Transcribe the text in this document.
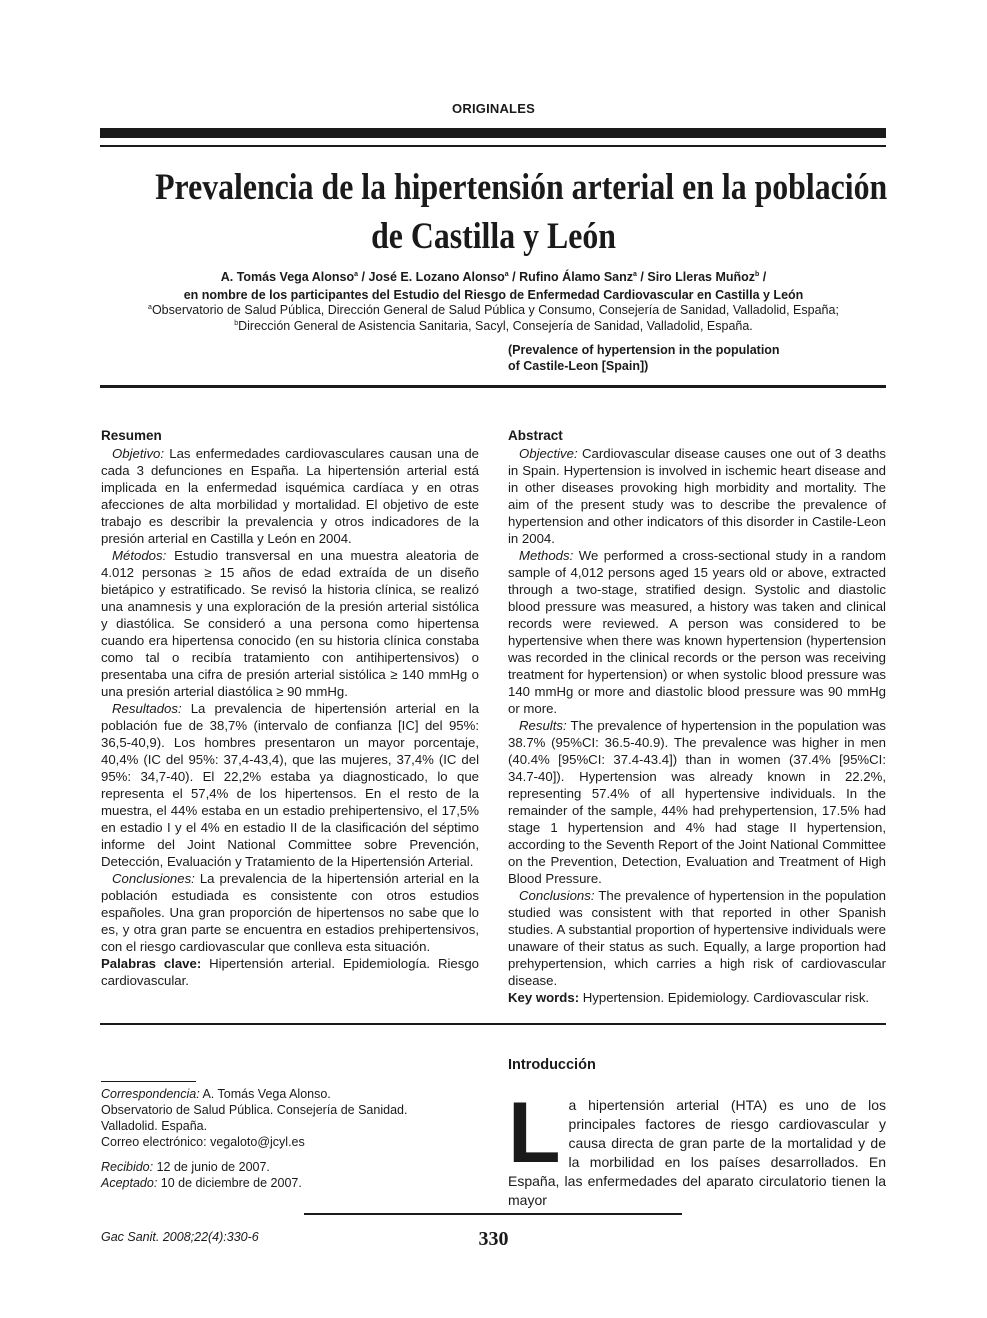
ORIGINALES
Prevalencia de la hipertensión arterial en la población
de Castilla y León
A. Tomás Vega Alonso$^a$ / José E. Lozano Alonso$^a$ / Rufino Álamo Sanz$^a$ / Siro Lleras Muñoz$^b$ /
en nombre de los participantes del Estudio del Riesgo de Enfermedad Cardiovascular en Castilla y León
$^a$Observatorio de Salud Pública, Dirección General de Salud Pública y Consumo, Consejería de Sanidad, Valladolid, España;
$^b$Dirección General de Asistencia Sanitaria, Sacyl, Consejería de Sanidad, Valladolid, España.
(Prevalence of hypertension in the population
of Castile-Leon [Spain])
Resumen

Objetivo: Las enfermedades cardiovasculares causan una de cada 3 defunciones en España. La hipertensión arterial está implicada en la enfermedad isquémica cardíaca y en otras afecciones de alta morbilidad y mortalidad. El objetivo de este trabajo es describir la prevalencia y otros indicadores de la presión arterial en Castilla y León en 2004.

Métodos: Estudio transversal en una muestra aleatoria de 4.012 personas ≥ 15 años de edad extraída de un diseño bietápico y estratificado. Se revisó la historia clínica, se realizó una anamnesis y una exploración de la presión arterial sistólica y diastólica. Se consideró a una persona como hipertensa cuando era hipertensa conocido (en su historia clínica constaba como tal o recibía tratamiento con antihipertensivos) o presentaba una cifra de presión arterial sistólica ≥ 140 mmHg o una presión arterial diastólica ≥ 90 mmHg.

Resultados: La prevalencia de hipertensión arterial en la población fue de 38,7% (intervalo de confianza [IC] del 95%: 36,5-40,9). Los hombres presentaron un mayor porcentaje, 40,4% (IC del 95%: 37,4-43,4), que las mujeres, 37,4% (IC del 95%: 34,7-40). El 22,2% estaba ya diagnosticado, lo que representa el 57,4% de los hipertensos. En el resto de la muestra, el 44% estaba en un estadio prehipertensivo, el 17,5% en estadio I y el 4% en estadio II de la clasificación del séptimo informe del Joint National Committee sobre Prevención, Detección, Evaluación y Tratamiento de la Hipertensión Arterial.

Conclusiones: La prevalencia de la hipertensión arterial en la población estudiada es consistente con otros estudios españoles. Una gran proporción de hipertensos no sabe que lo es, y otra gran parte se encuentra en estadios prehipertensivos, con el riesgo cardiovascular que conlleva esta situación.

Palabras clave: Hipertensión arterial. Epidemiología. Riesgo cardiovascular.

Abstract

Objective: Cardiovascular disease causes one out of 3 deaths in Spain. Hypertension is involved in ischemic heart disease and in other diseases provoking high morbidity and mortality. The aim of the present study was to describe the prevalence of hypertension and other indicators of this disorder in Castile-Leon in 2004.

Methods: We performed a cross-sectional study in a random sample of 4,012 persons aged 15 years old or above, extracted through a two-stage, stratified design. Systolic and diastolic blood pressure was measured, a history was taken and clinical records were reviewed. A person was considered to be hypertensive when there was known hypertension (hypertension was recorded in the clinical records or the person was receiving treatment for hypertension) or when systolic blood pressure was 140 mmHg or more and diastolic blood pressure was 90 mmHg or more.

Results: The prevalence of hypertension in the population was 38.7% (95%CI: 36.5-40.9). The prevalence was higher in men (40.4% [95%CI: 37.4-43.4]) than in women (37.4% [95%CI: 34.7-40]). Hypertension was already known in 22.2%, representing 57.4% of all hypertensive individuals. In the remainder of the sample, 44% had prehypertension, 17.5% had stage 1 hypertension and 4% had stage II hypertension, according to the Seventh Report of the Joint National Committee on the Prevention, Detection, Evaluation and Treatment of High Blood Pressure.

Conclusions: The prevalence of hypertension in the population studied was consistent with that reported in other Spanish studies. A substantial proportion of hypertensive individuals were unaware of their status as such. Equally, a large proportion had prehypertension, which carries a high risk of cardiovascular disease.

Key words: Hypertension. Epidemiology. Cardiovascular risk.

Correspondencia: A. Tomás Vega Alonso.
Observatorio de Salud Pública. Consejería de Sanidad.
Valladolid. España.
Correo electrónico: vegaloto@jcyl.es
Recibido: 12 de junio de 2007.
Aceptado: 10 de diciembre de 2007.
Introducción
La hipertensión arterial (HTA) es uno de los principales factores de riesgo cardiovascular y causa directa de gran parte de la mortalidad y de la morbilidad en los países desarrollados. En España, las enfermedades del aparato circulatorio tienen la mayor
Gac Sanit. 2008;22(4):330-6	330
